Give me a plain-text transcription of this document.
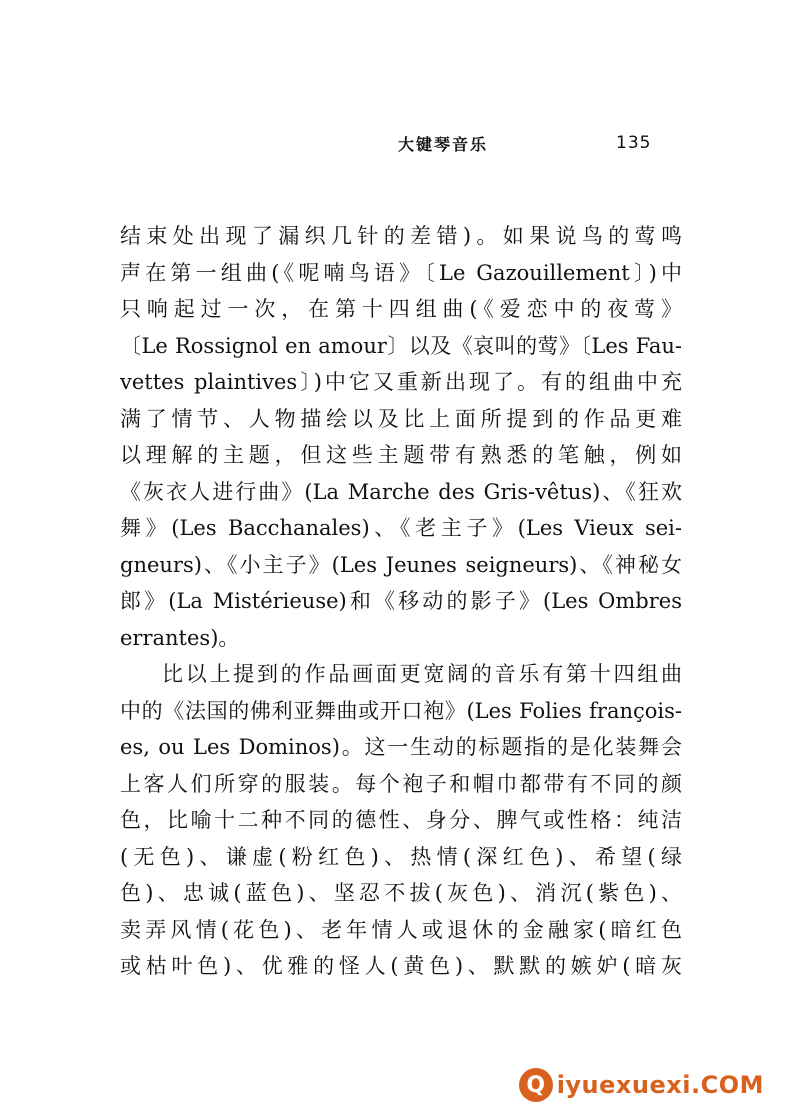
大键琴音乐	135
结束处出现了漏织几针的差错)。如果说鸟的莺鸣
声在第一组曲(《呢喃鸟语》〔Le Gazouillement〕)中
只响起过一次，在第十四组曲(《爱恋中的夜莺》
〔Le Rossignol en amour〕以及《哀叫的莺》〔Les Fau-
vettes plaintives〕)中它又重新出现了。有的组曲中充
满了情节、人物描绘以及比上面所提到的作品更难
以理解的主题，但这些主题带有熟悉的笔触，例如
《灰衣人进行曲》(La Marche des Gris-vêtus)、《狂欢
舞》(Les Bacchanales)、《老主子》(Les Vieux sei-
gneurs)、《小主子》(Les Jeunes seigneurs)、《神秘女
郎》(La Mistérieuse)和《移动的影子》(Les Ombres
errantes)。
比以上提到的作品画面更宽阔的音乐有第十四组曲
中的《法国的佛利亚舞曲或开口袍》(Les Folies françois-
es, ou Les Dominos)。这一生动的标题指的是化装舞会
上客人们所穿的服装。每个袍子和帽巾都带有不同的颜
色，比喻十二种不同的德性、身分、脾气或性格：纯洁
(无色)、谦虚(粉红色)、热情(深红色)、希望(绿
色)、忠诚(蓝色)、坚忍不拔(灰色)、消沉(紫色)、
卖弄风情(花色)、老年情人或退休的金融家(暗红色
或枯叶色)、优雅的怪人(黄色)、默默的嫉妒(暗灰
Q iyuexuexi.COM
